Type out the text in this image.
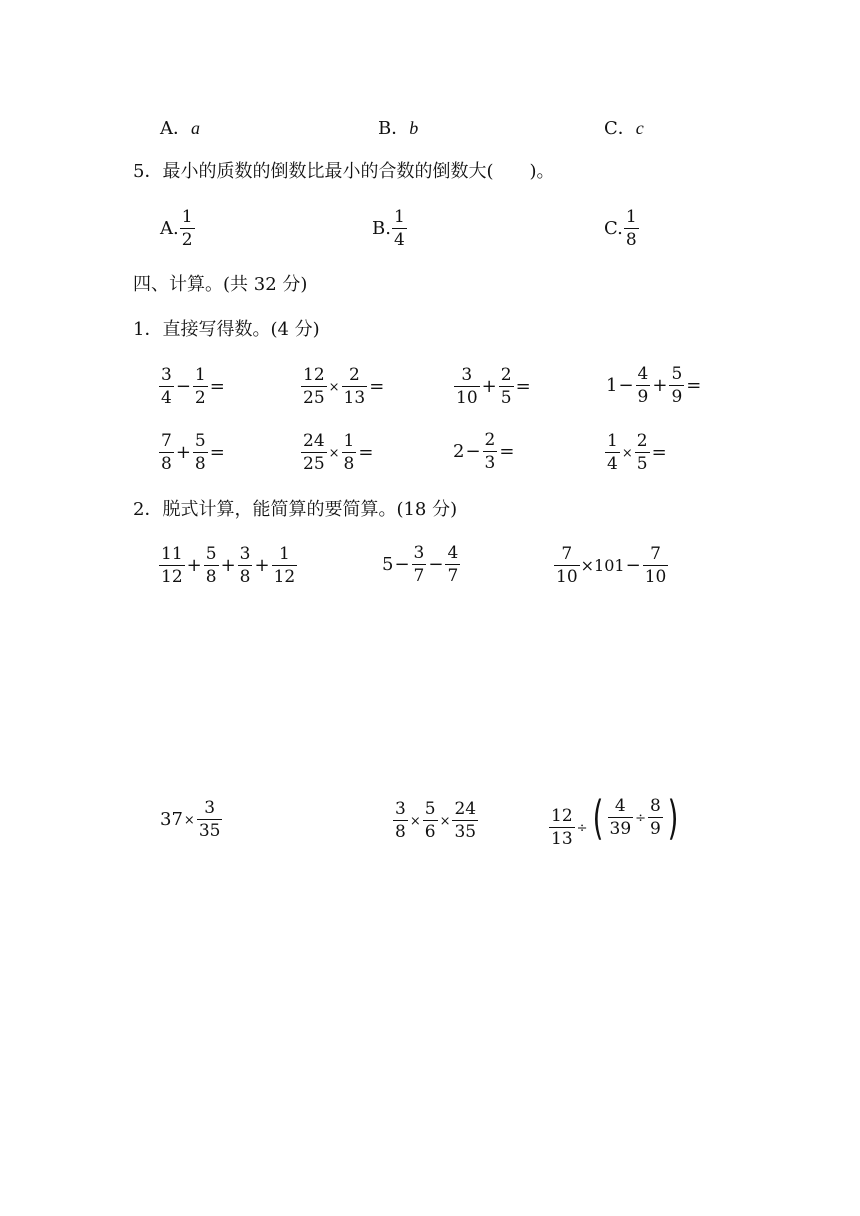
A．a	B．b	C．c
5．最小的质数的倒数比最小的合数的倒数大(　　)。
A. $\frac{1}{2}$	B. $\frac{1}{4}$	C. $\frac{1}{8}$
四、计算。(共 32 分)
1．直接写得数。(4 分)
$\frac{3}{4} - \frac{1}{2}$ =	$\frac{12}{25} \times \frac{2}{13}$ =	$\frac{3}{10} + \frac{2}{5}$ =	$1 - \frac{4}{9} + \frac{5}{9}$ =
$\frac{7}{8} + \frac{5}{8}$ =	$\frac{24}{25} \times \frac{1}{8}$ =	$2 - \frac{2}{3}$ =	$\frac{1}{4} \times \frac{2}{5}$ =
2．脱式计算，能简算的要简算。(18 分)
$\frac{11}{12} + \frac{5}{8} + \frac{3}{8} + \frac{1}{12}$	$5 - \frac{3}{7} - \frac{4}{7}$	$\frac{7}{10} \times 101 - \frac{7}{10}$
$37 \times \frac{3}{35}$	$\frac{3}{8} \times \frac{5}{6} \times \frac{24}{35}$	$\frac{12}{13}$ ÷ ( $\frac{4}{39} \div \frac{8}{9}$ )
